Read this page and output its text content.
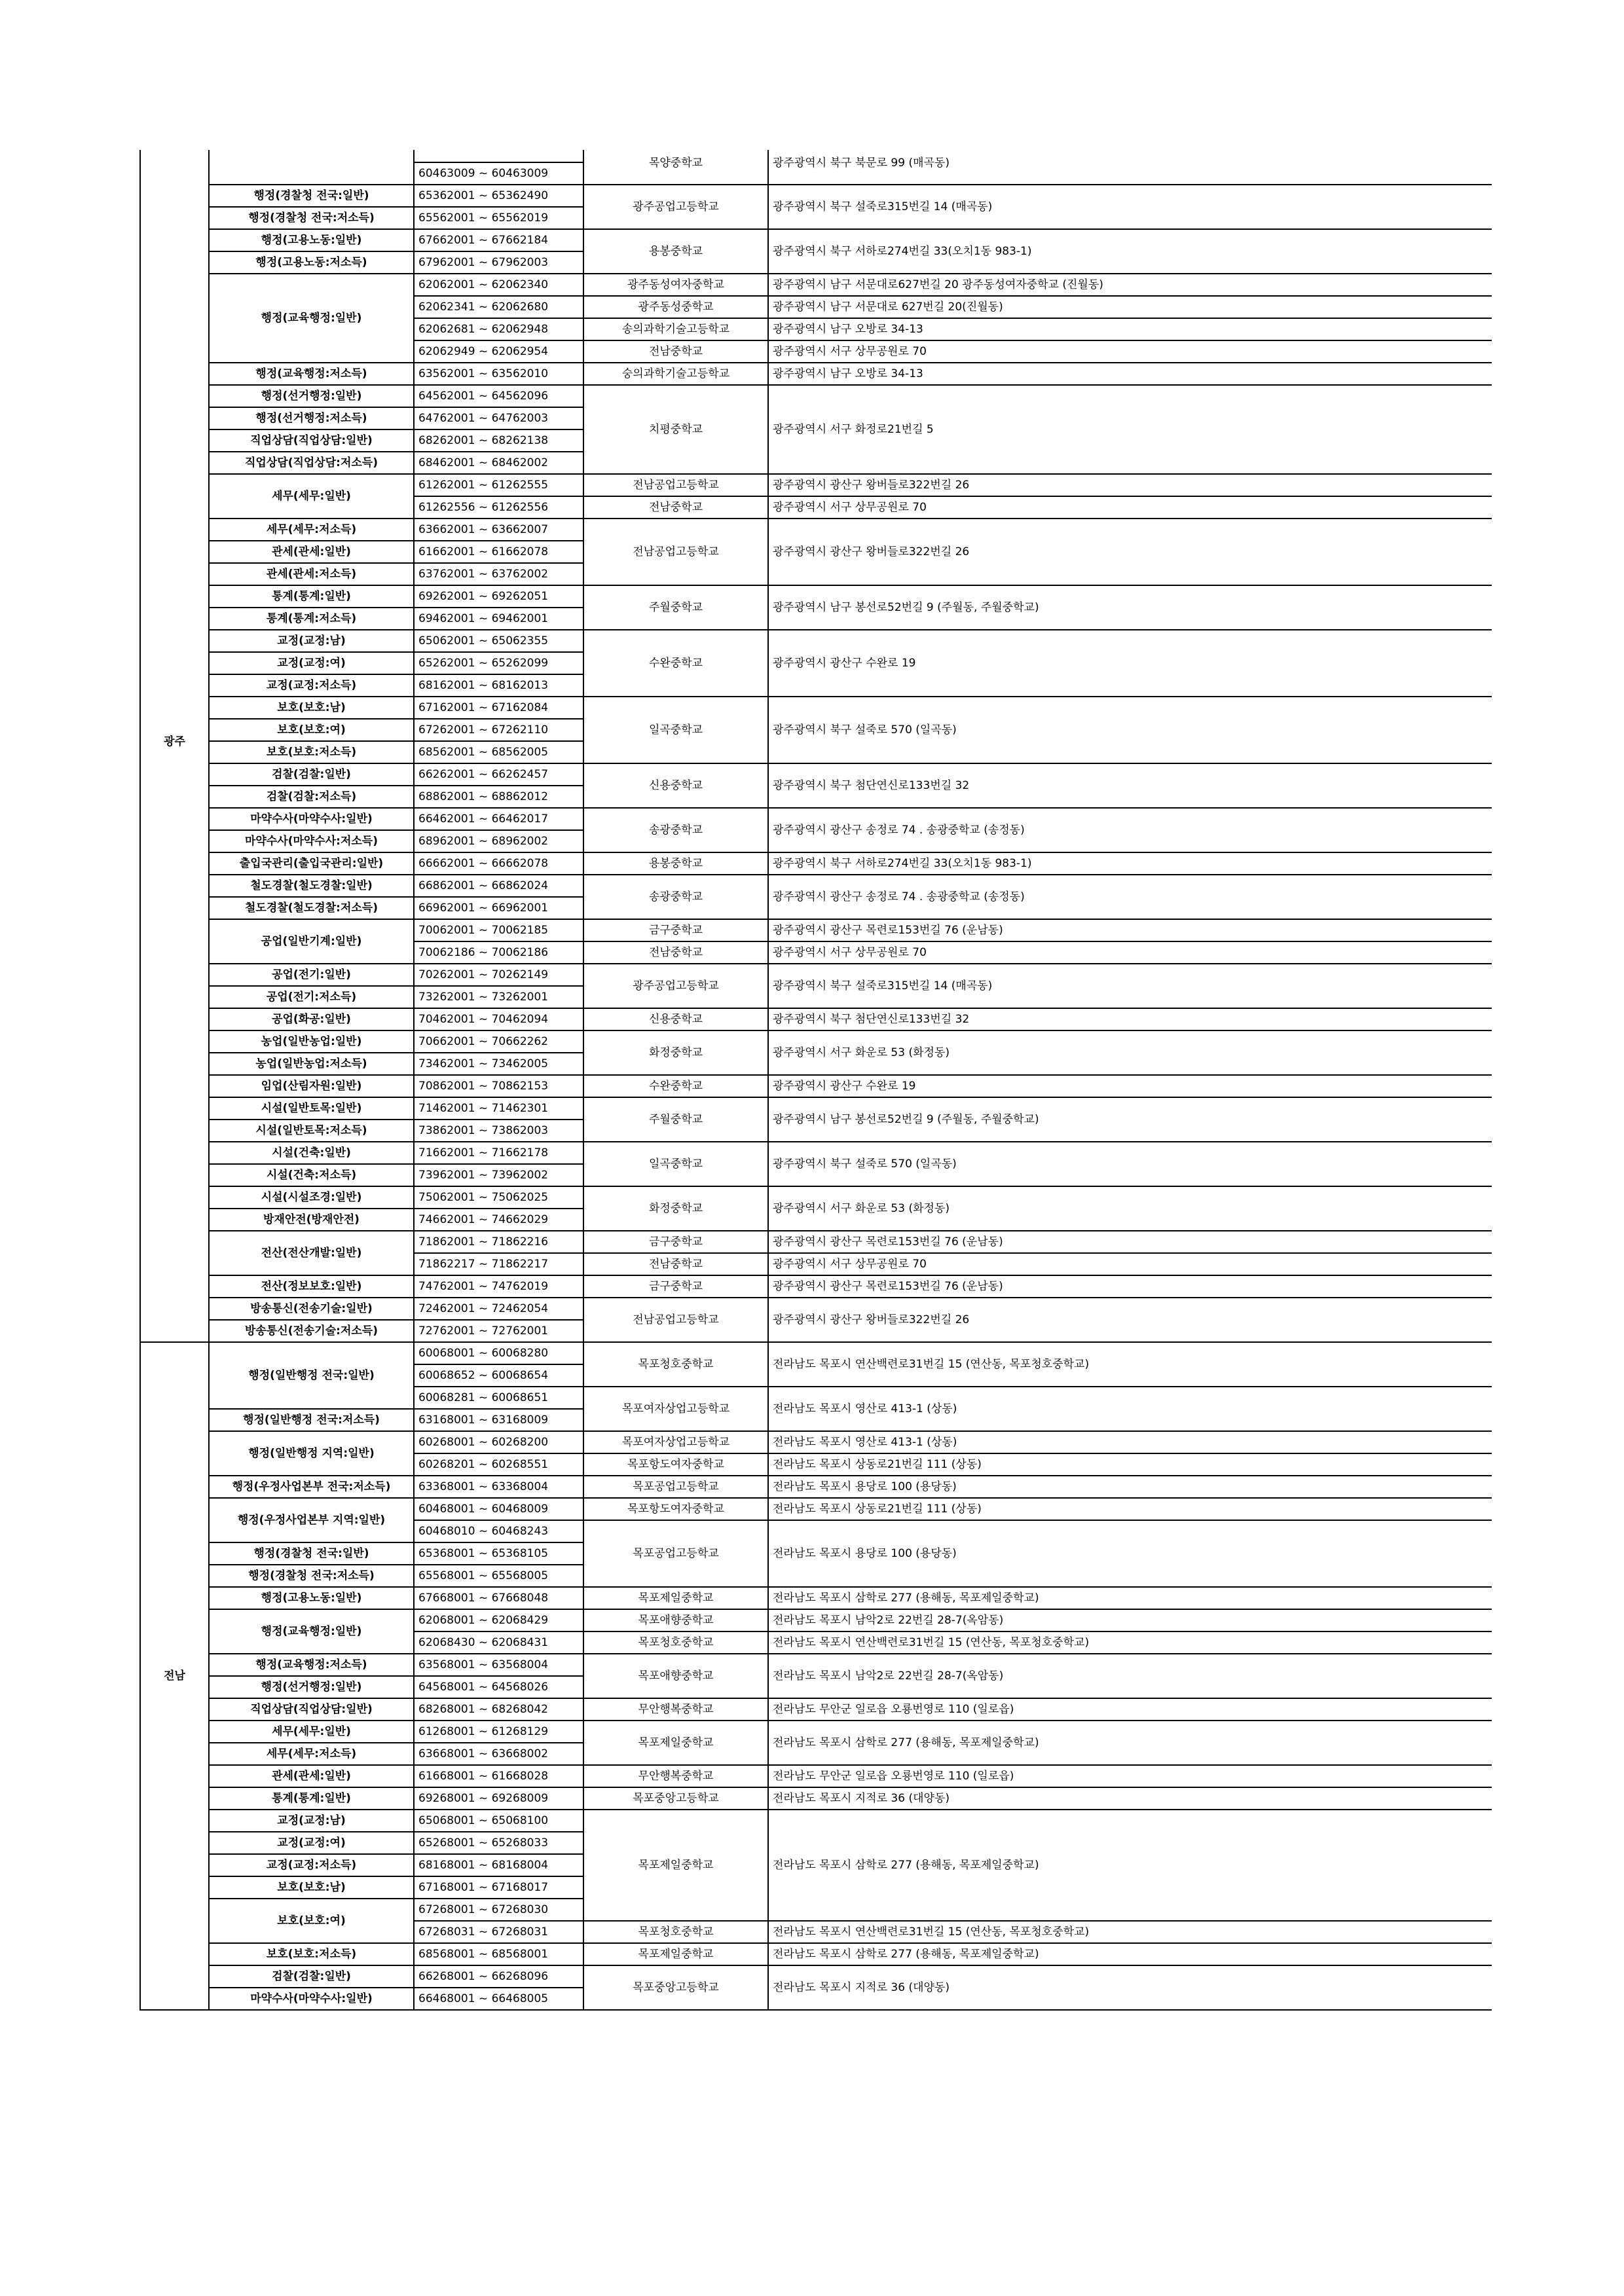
광주			목양중학교	광주광역시 북구 북문로 99 (매곡동)
		60463009 ~ 60463009		
	행정(경찰청 전국:일반)	65362001 ~ 65362490	광주공업고등학교	광주광역시 북구 설죽로315번길 14 (매곡동)
	행정(경찰청 전국:저소득)	65562001 ~ 65562019		
	행정(고용노동:일반)	67662001 ~ 67662184	용봉중학교	광주광역시 북구 서하로274번길 33(오치1동 983-1)
	행정(고용노동:저소득)	67962001 ~ 67962003		
	행정(교육행정:일반)	62062001 ~ 62062340	광주동성여자중학교	광주광역시 남구 서문대로627번길 20 광주동성여자중학교 (진월동)
		62062341 ~ 62062680	광주동성중학교	광주광역시 남구 서문대로 627번길 20(진월동)
		62062681 ~ 62062948	송의과학기술고등학교	광주광역시 남구 오방로 34-13
		62062949 ~ 62062954	전남중학교	광주광역시 서구 상무공원로 70
	행정(교육행정:저소득)	63562001 ~ 63562010	숭의과학기술고등학교	광주광역시 남구 오방로 34-13
	행정(선거행정:일반)	64562001 ~ 64562096	치평중학교	광주광역시 서구 화정로21번길 5
	행정(선거행정:저소득)	64762001 ~ 64762003		
	직업상담(직업상담:일반)	68262001 ~ 68262138		
	직업상담(직업상담:저소득)	68462001 ~ 68462002		
	세무(세무:일반)	61262001 ~ 61262555	전남공업고등학교	광주광역시 광산구 왕버들로322번길 26
		61262556 ~ 61262556	전남중학교	광주광역시 서구 상무공원로 70
	세무(세무:저소득)	63662001 ~ 63662007	전남공업고등학교	광주광역시 광산구 왕버들로322번길 26
	관세(관세:일반)	61662001 ~ 61662078		
	관세(관세:저소득)	63762001 ~ 63762002		
	통계(통계:일반)	69262001 ~ 69262051	주월중학교	광주광역시 남구 봉선로52번길 9 (주월동, 주월중학교)
	통계(통계:저소득)	69462001 ~ 69462001		
	교정(교정:남)	65062001 ~ 65062355	수완중학교	광주광역시 광산구 수완로 19
	교정(교정:여)	65262001 ~ 65262099		
	교정(교정:저소득)	68162001 ~ 68162013		
	보호(보호:남)	67162001 ~ 67162084	일곡중학교	광주광역시 북구 설죽로 570 (일곡동)
	보호(보호:여)	67262001 ~ 67262110		
	보호(보호:저소득)	68562001 ~ 68562005		
	검찰(검찰:일반)	66262001 ~ 66262457	신용중학교	광주광역시 북구 첨단연신로133번길 32
	검찰(검찰:저소득)	68862001 ~ 68862012		
	마약수사(마약수사:일반)	66462001 ~ 66462017	송광중학교	광주광역시 광산구 송정로 74 . 송광중학교 (송정동)
	마약수사(마약수사:저소득)	68962001 ~ 68962002		
	출입국관리(출입국관리:일반)	66662001 ~ 66662078	용봉중학교	광주광역시 북구 서하로274번길 33(오치1동 983-1)
	철도경찰(철도경찰:일반)	66862001 ~ 66862024	송광중학교	광주광역시 광산구 송정로 74 . 송광중학교 (송정동)
	철도경찰(철도경찰:저소득)	66962001 ~ 66962001		
	공업(일반기계:일반)	70062001 ~ 70062185	금구중학교	광주광역시 광산구 목련로153번길 76 (운남동)
		70062186 ~ 70062186	전남중학교	광주광역시 서구 상무공원로 70
	공업(전기:일반)	70262001 ~ 70262149	광주공업고등학교	광주광역시 북구 설죽로315번길 14 (매곡동)
	공업(전기:저소득)	73262001 ~ 73262001		
	공업(화공:일반)	70462001 ~ 70462094	신용중학교	광주광역시 북구 첨단연신로133번길 32
	농업(일반농업:일반)	70662001 ~ 70662262	화정중학교	광주광역시 서구 화운로 53 (화정동)
	농업(일반농업:저소득)	73462001 ~ 73462005		
	임업(산림자원:일반)	70862001 ~ 70862153	수완중학교	광주광역시 광산구 수완로 19
	시설(일반토목:일반)	71462001 ~ 71462301	주월중학교	광주광역시 남구 봉선로52번길 9 (주월동, 주월중학교)
	시설(일반토목:저소득)	73862001 ~ 73862003		
	시설(건축:일반)	71662001 ~ 71662178	일곡중학교	광주광역시 북구 설죽로 570 (일곡동)
	시설(건축:저소득)	73962001 ~ 73962002		
	시설(시설조경:일반)	75062001 ~ 75062025	화정중학교	광주광역시 서구 화운로 53 (화정동)
	방재안전(방재안전)	74662001 ~ 74662029		
	전산(전산개발:일반)	71862001 ~ 71862216	금구중학교	광주광역시 광산구 목련로153번길 76 (운남동)
		71862217 ~ 71862217	전남중학교	광주광역시 서구 상무공원로 70
	전산(정보보호:일반)	74762001 ~ 74762019	금구중학교	광주광역시 광산구 목련로153번길 76 (운남동)
	방송통신(전송기술:일반)	72462001 ~ 72462054	전남공업고등학교	광주광역시 광산구 왕버들로322번길 26
	방송통신(전송기술:저소득)	72762001 ~ 72762001		
전남	행정(일반행정 전국:일반)	60068001 ~ 60068280	목포청호중학교	전라남도 목포시 연산백련로31번길 15 (연산동, 목포청호중학교)
		60068652 ~ 60068654		
		60068281 ~ 60068651	목포여자상업고등학교	전라남도 목포시 영산로 413-1 (상동)
	행정(일반행정 전국:저소득)	63168001 ~ 63168009		
	행정(일반행정 지역:일반)	60268001 ~ 60268200	목포여자상업고등학교	전라남도 목포시 영산로 413-1 (상동)
		60268201 ~ 60268551	목포항도여자중학교	전라남도 목포시 상동로21번길 111 (상동)
	행정(우정사업본부 전국:저소득)	63368001 ~ 63368004	목포공업고등학교	전라남도 목포시 용당로 100 (용당동)
	행정(우정사업본부 지역:일반)	60468001 ~ 60468009	목포항도여자중학교	전라남도 목포시 상동로21번길 111 (상동)
		60468010 ~ 60468243	목포공업고등학교	전라남도 목포시 용당로 100 (용당동)
	행정(경찰청 전국:일반)	65368001 ~ 65368105		
	행정(경찰청 전국:저소득)	65568001 ~ 65568005		
	행정(고용노동:일반)	67668001 ~ 67668048	목포제일중학교	전라남도 목포시 삼학로 277 (용해동, 목포제일중학교)
	행정(교육행정:일반)	62068001 ~ 62068429	목포애향중학교	전라남도 목포시 남악2로 22번길 28-7(옥암동)
		62068430 ~ 62068431	목포청호중학교	전라남도 목포시 연산백련로31번길 15 (연산동, 목포청호중학교)
	행정(교육행정:저소득)	63568001 ~ 63568004	목포애향중학교	전라남도 목포시 남악2로 22번길 28-7(옥암동)
	행정(선거행정:일반)	64568001 ~ 64568026		
	직업상담(직업상담:일반)	68268001 ~ 68268042	무안행복중학교	전라남도 무안군 일로읍 오룡번영로 110 (일로읍)
	세무(세무:일반)	61268001 ~ 61268129	목포제일중학교	전라남도 목포시 삼학로 277 (용해동, 목포제일중학교)
	세무(세무:저소득)	63668001 ~ 63668002		
	관세(관세:일반)	61668001 ~ 61668028	무안행복중학교	전라남도 무안군 일로읍 오룡번영로 110 (일로읍)
	통계(통계:일반)	69268001 ~ 69268009	목포중앙고등학교	전라남도 목포시 지적로 36 (대양동)
	교정(교정:남)	65068001 ~ 65068100	목포제일중학교	전라남도 목포시 삼학로 277 (용해동, 목포제일중학교)
	교정(교정:여)	65268001 ~ 65268033		
	교정(교정:저소득)	68168001 ~ 68168004		
	보호(보호:남)	67168001 ~ 67168017		
	보호(보호:여)	67268001 ~ 67268030		
		67268031 ~ 67268031	목포청호중학교	전라남도 목포시 연산백련로31번길 15 (연산동, 목포청호중학교)
	보호(보호:저소득)	68568001 ~ 68568001	목포제일중학교	전라남도 목포시 삼학로 277 (용해동, 목포제일중학교)
	검찰(검찰:일반)	66268001 ~ 66268096	목포중앙고등학교	전라남도 목포시 지적로 36 (대양동)
	마약수사(마약수사:일반)	66468001 ~ 66468005		
